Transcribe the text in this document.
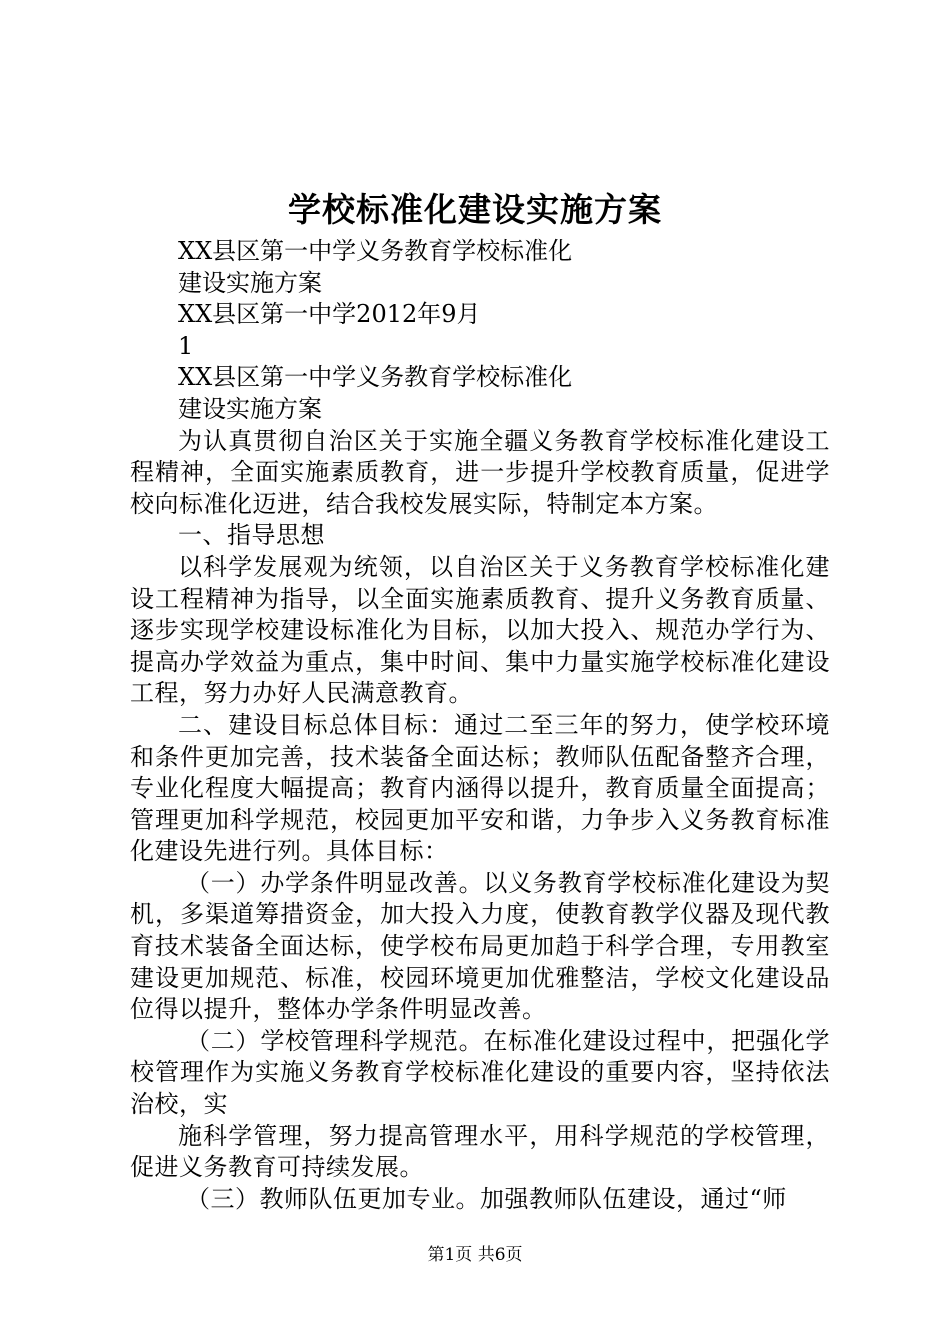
学校标准化建设实施方案
XX县区第一中学义务教育学校标准化
建设实施方案
XX县区第一中学2012年9月
1
XX县区第一中学义务教育学校标准化
建设实施方案

为认真贯彻自治区关于实施全疆义务教育学校标准化建设工程精神，全面实施素质教育，进一步提升学校教育质量，促进学校向标准化迈进，结合我校发展实际，特制定本方案。

一、指导思想

以科学发展观为统领，以自治区关于义务教育学校标准化建设工程精神为指导，以全面实施素质教育、提升义务教育质量、逐步实现学校建设标准化为目标，以加大投入、规范办学行为、提高办学效益为重点，集中时间、集中力量实施学校标准化建设工程，努力办好人民满意教育。

二、建设目标总体目标：通过二至三年的努力，使学校环境和条件更加完善，技术装备全面达标；教师队伍配备整齐合理，专业化程度大幅提高；教育内涵得以提升，教育质量全面提高；管理更加科学规范，校园更加平安和谐，力争步入义务教育标准化建设先进行列。具体目标：

（一）办学条件明显改善。以义务教育学校标准化建设为契机，多渠道筹措资金，加大投入力度，使教育教学仪器及现代教育技术装备全面达标，使学校布局更加趋于科学合理，专用教室建设更加规范、标准，校园环境更加优雅整洁，学校文化建设品位得以提升，整体办学条件明显改善。

（二）学校管理科学规范。在标准化建设过程中，把强化学校管理作为实施义务教育学校标准化建设的重要内容，坚持依法治校，实

施科学管理，努力提高管理水平，用科学规范的学校管理，促进义务教育可持续发展。

（三）教师队伍更加专业。加强教师队伍建设，通过“师

第1页 共6页
